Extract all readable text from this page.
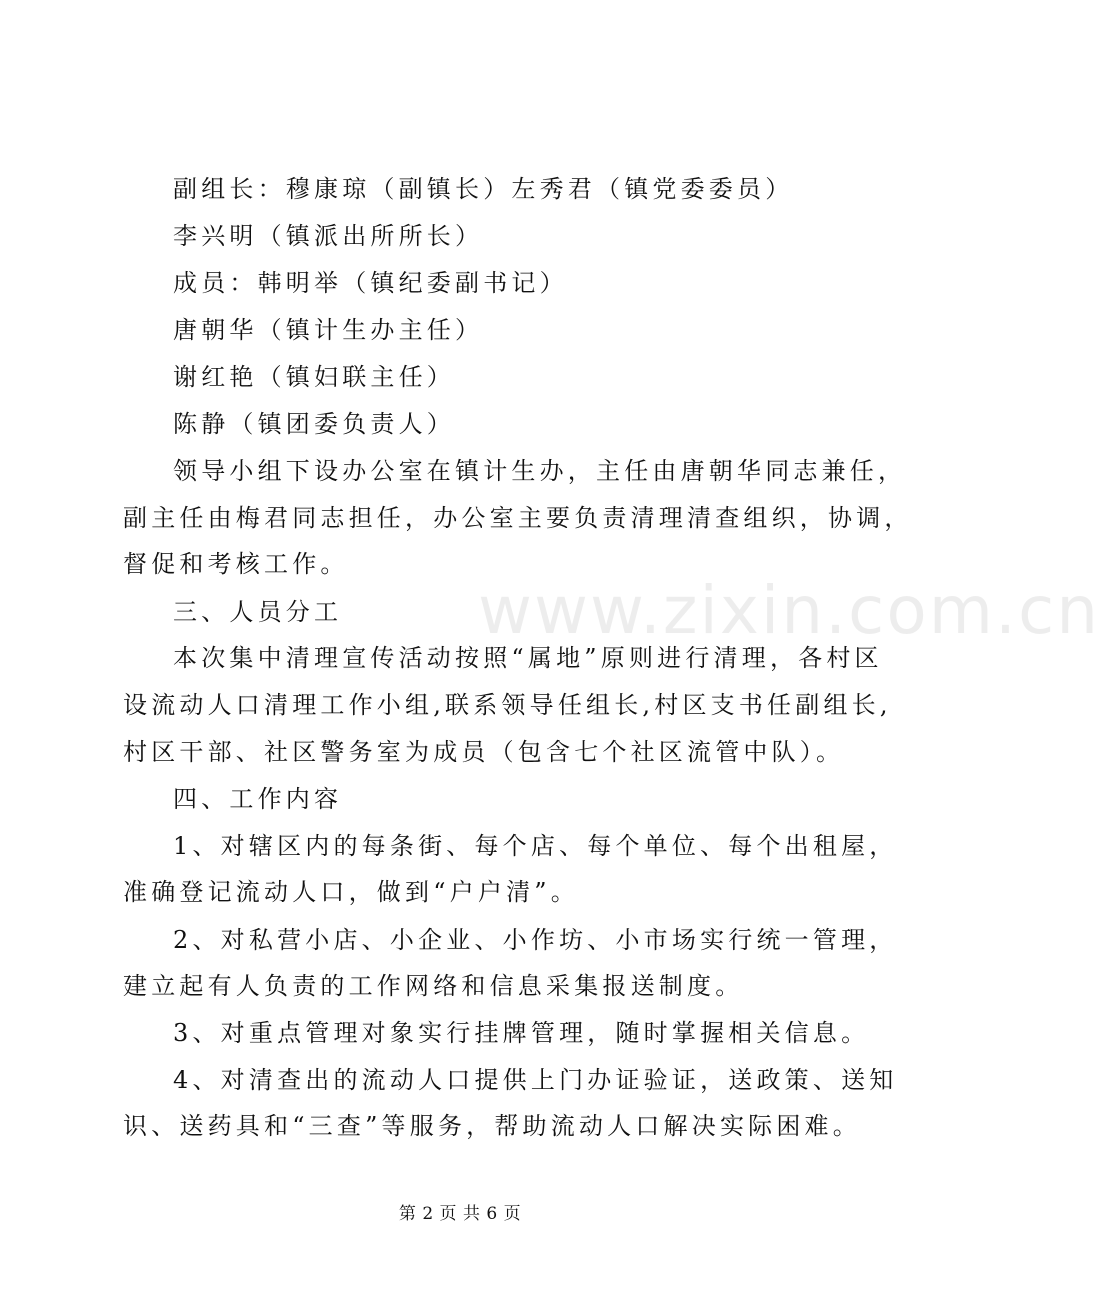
www.zixin.com.cn
副组长：穆康琼（副镇长）左秀君（镇党委委员）
李兴明（镇派出所所长）
成员：韩明举（镇纪委副书记）
唐朝华（镇计生办主任）
谢红艳（镇妇联主任）
陈静（镇团委负责人）
领导小组下设办公室在镇计生办，主任由唐朝华同志兼任，
副主任由梅君同志担任，办公室主要负责清理清查组织，协调，
督促和考核工作。
三、人员分工
本次集中清理宣传活动按照“属地”原则进行清理，各村区
设流动人口清理工作小组,联系领导任组长,村区支书任副组长,
村区干部、社区警务室为成员（包含七个社区流管中队）。
四、工作内容
1、对辖区内的每条街、每个店、每个单位、每个出租屋，
准确登记流动人口，做到“户户清”。
2、对私营小店、小企业、小作坊、小市场实行统一管理，
建立起有人负责的工作网络和信息采集报送制度。
3、对重点管理对象实行挂牌管理，随时掌握相关信息。
4、对清查出的流动人口提供上门办证验证，送政策、送知
识、送药具和“三查”等服务，帮助流动人口解决实际困难。
第 2 页 共 6 页
